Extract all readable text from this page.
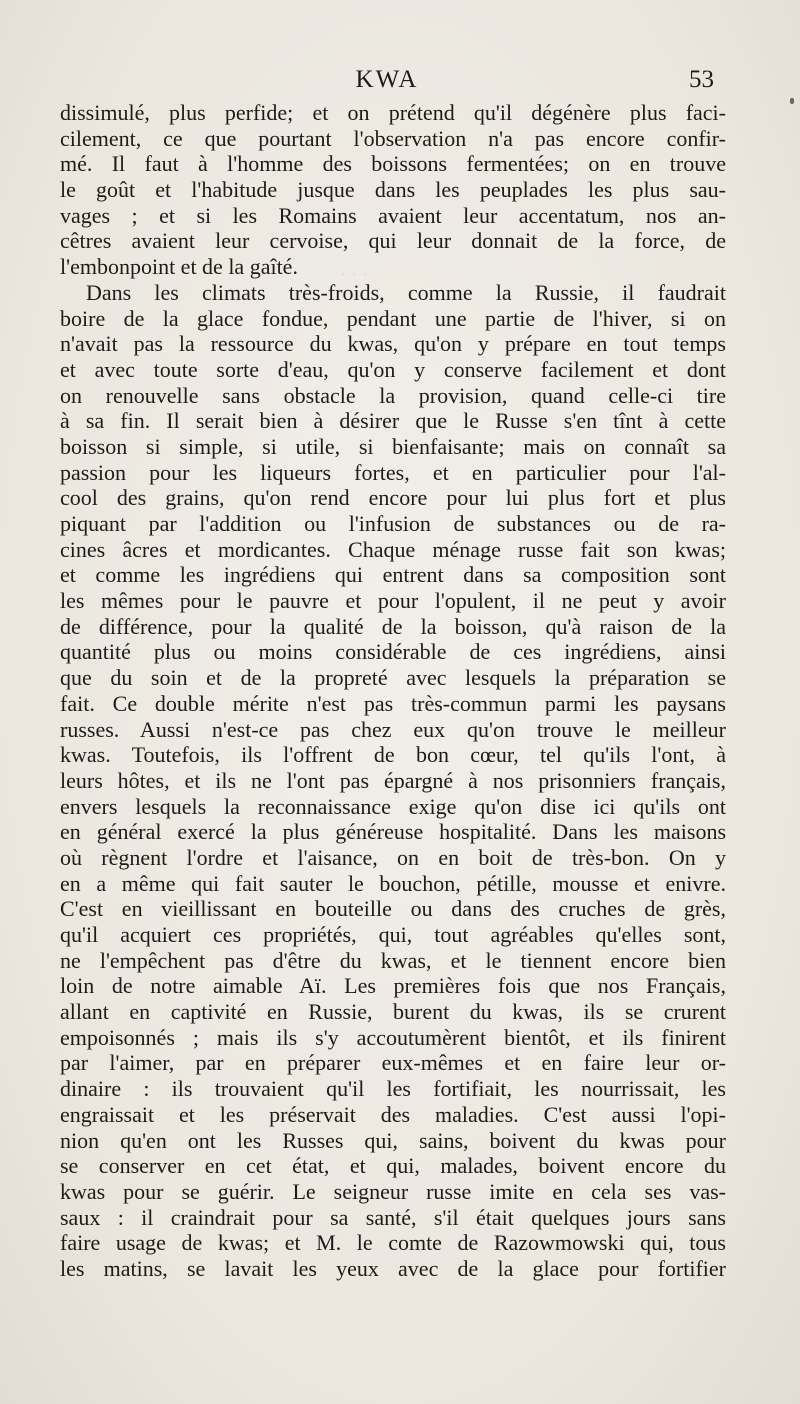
· · ·
KWA	53
dissimulé, plus perfide; et on prétend qu'il dégénère plus faci-
cilement, ce que pourtant l'observation n'a pas encore confir-
mé. Il faut à l'homme des boissons fermentées; on en trouve
le goût et l'habitude jusque dans les peuplades les plus sau-
vages ; et si les Romains avaient leur accentatum, nos an-
cêtres avaient leur cervoise, qui leur donnait de la force, de
l'embonpoint et de la gaîté.
Dans les climats très-froids, comme la Russie, il faudrait
boire de la glace fondue, pendant une partie de l'hiver, si on
n'avait pas la ressource du kwas, qu'on y prépare en tout temps
et avec toute sorte d'eau, qu'on y conserve facilement et dont
on renouvelle sans obstacle la provision, quand celle-ci tire
à sa fin. Il serait bien à désirer que le Russe s'en tînt à cette
boisson si simple, si utile, si bienfaisante; mais on connaît sa
passion pour les liqueurs fortes, et en particulier pour l'al-
cool des grains, qu'on rend encore pour lui plus fort et plus
piquant par l'addition ou l'infusion de substances ou de ra-
cines âcres et mordicantes. Chaque ménage russe fait son kwas;
et comme les ingrédiens qui entrent dans sa composition sont
les mêmes pour le pauvre et pour l'opulent, il ne peut y avoir
de différence, pour la qualité de la boisson, qu'à raison de la
quantité plus ou moins considérable de ces ingrédiens, ainsi
que du soin et de la propreté avec lesquels la préparation se
fait. Ce double mérite n'est pas très-commun parmi les paysans
russes. Aussi n'est-ce pas chez eux qu'on trouve le meilleur
kwas. Toutefois, ils l'offrent de bon cœur, tel qu'ils l'ont, à
leurs hôtes, et ils ne l'ont pas épargné à nos prisonniers français,
envers lesquels la reconnaissance exige qu'on dise ici qu'ils ont
en général exercé la plus généreuse hospitalité. Dans les maisons
où règnent l'ordre et l'aisance, on en boit de très-bon. On y
en a même qui fait sauter le bouchon, pétille, mousse et enivre.
C'est en vieillissant en bouteille ou dans des cruches de grès,
qu'il acquiert ces propriétés, qui, tout agréables qu'elles sont,
ne l'empêchent pas d'être du kwas, et le tiennent encore bien
loin de notre aimable Aï. Les premières fois que nos Français,
allant en captivité en Russie, burent du kwas, ils se crurent
empoisonnés ; mais ils s'y accoutumèrent bientôt, et ils finirent
par l'aimer, par en préparer eux-mêmes et en faire leur or-
dinaire : ils trouvaient qu'il les fortifiait, les nourrissait, les
engraissait et les préservait des maladies. C'est aussi l'opi-
nion qu'en ont les Russes qui, sains, boivent du kwas pour
se conserver en cet état, et qui, malades, boivent encore du
kwas pour se guérir. Le seigneur russe imite en cela ses vas-
saux : il craindrait pour sa santé, s'il était quelques jours sans
faire usage de kwas; et M. le comte de Razowmowski qui, tous
les matins, se lavait les yeux avec de la glace pour fortifier
